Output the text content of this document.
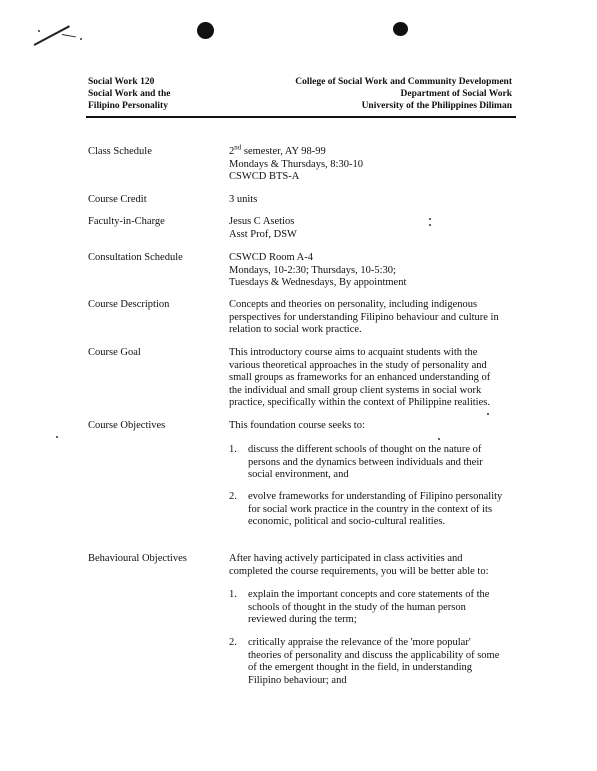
Social Work 120
Social Work and the
Filipino Personality
College of Social Work and Community Development
Department of Social Work
University of the Philippines Diliman
Class Schedule	2nd semester, AY 98-99
Mondays & Thursdays, 8:30-10
CSWCD BTS-A
Course Credit	3 units
Faculty-in-Charge	Jesus C Asetios
Asst Prof, DSW
Consultation Schedule	CSWCD Room A-4
Mondays, 10-2:30; Thursdays, 10-5:30;
Tuesdays & Wednesdays, By appointment
Course Description	Concepts and theories on personality, including indigenous
perspectives for understanding Filipino behaviour and culture in
relation to social work practice.
Course Goal	This introductory course aims to acquaint students with the
various theoretical approaches in the study of personality and
small groups as frameworks for an enhanced understanding of
the individual and small group client systems in social work
practice, specifically within the context of Philippine realities.
Course Objectives	This foundation course seeks to:
1. discuss the different schools of thought on the nature of
persons and the dynamics between individuals and their
social environment, and
2. evolve frameworks for understanding of Filipino personality
for social work practice in the country in the context of its
economic, political and socio-cultural realities.
Behavioural Objectives	After having actively participated in class activities and
completed the course requirements, you will be better able to:
1. explain the important concepts and core statements of the
schools of thought in the study of the human person
reviewed during the term;
2. critically appraise the relevance of the 'more popular'
theories of personality and discuss the applicability of some
of the emergent thought in the field, in understanding
Filipino behaviour; and
